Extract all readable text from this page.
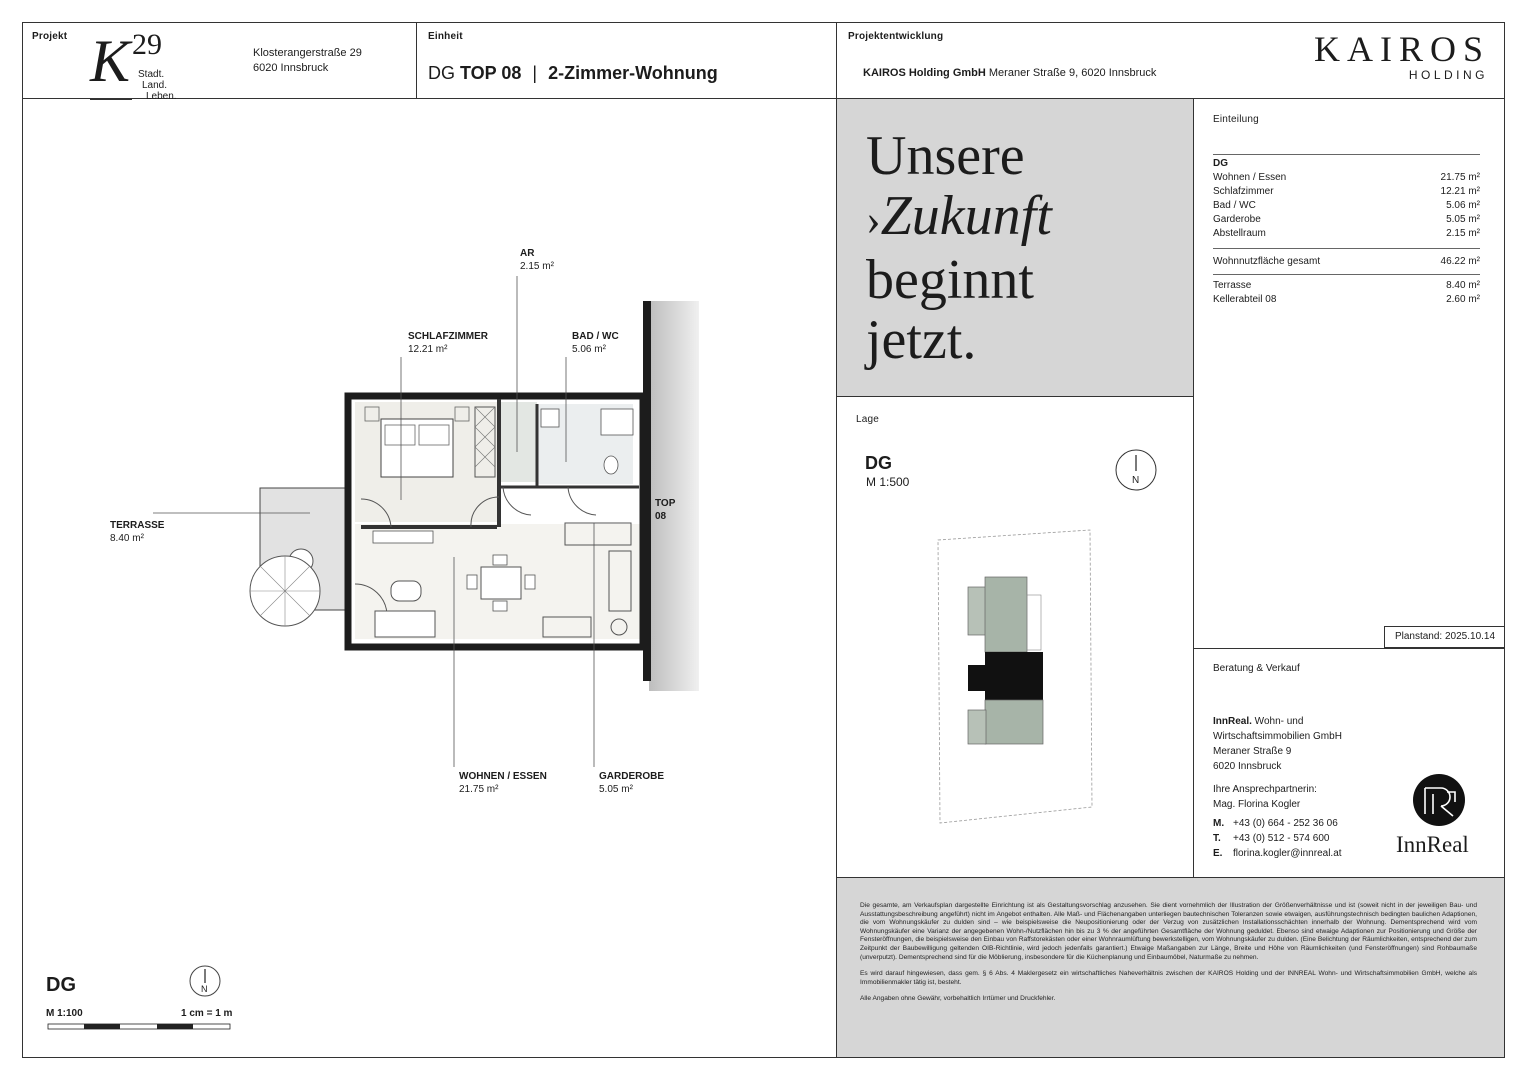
Projekt K 29
Stadt.
Land.
Leben.
Klosterangerstraße 29
6020 Innsbruck
Einheit
DG TOP 08 | 2-Zimmer-Wohnung
Projektentwicklung
KAIROS Holding GmbH Meraner Straße 9, 6020 Innsbruck
KAIROS
HOLDING
AR
2.15 m²
SCHLAFZIMMER
12.21 m²
BAD / WC
5.06 m²
TERRASSE
8.40 m²
TOP
08
WOHNEN / ESSEN
21.75 m²
GARDEROBE
5.05 m²
DG	N
M 1:100	1 cm = 1 m
Unsere
›Zukunft
beginnt
jetzt.
Lage
DG
M 1:500	N
Einteilung
DG
Wohnen / Essen	21.75 m²
Schlafzimmer	12.21 m²
Bad / WC	5.06 m²
Garderobe	5.05 m²
Abstellraum	2.15 m²
Wohnnutzfläche gesamt	46.22 m²
Terrasse	8.40 m²
Kellerabteil 08	2.60 m²
Planstand: 2025.10.14
Beratung & Verkauf
InnReal. Wohn- und
Wirtschaftsimmobilien GmbH
Meraner Straße 9
6020 Innsbruck
Ihre Ansprechpartnerin:
Mag. Florina Kogler
M. +43 (0) 664 - 252 36 06
T. +43 (0) 512 - 574 600
E. florina.kogler@innreal.at InnReal
Die gesamte, am Verkaufsplan dargestellte Einrichtung ist als Gestaltungsvorschlag anzusehen. Sie dient vornehmlich der Illustration der Größenverhältnisse und ist (soweit nicht in der jeweiligen Bau- und Ausstattungsbeschreibung angeführt) nicht im Angebot enthalten. Alle Maß- und Flächenangaben unterliegen bautechnischen Toleranzen sowie etwaigen, ausführungstechnisch bedingten baulichen Adaptionen, die vom Wohnungskäufer zu dulden sind – wie beispielsweise die Neupositionierung oder der Verzug von zusätzlichen Installationsschächten innerhalb der Wohnung. Dementsprechend wird vom Wohnungskäufer eine Varianz der angegebenen Wohn-/Nutzflächen hin bis zu 3 % der angeführten Gesamtfläche der Wohnung geduldet. Ebenso sind etwaige Adaptionen zur Positionierung und Größe der Fensteröffnungen, die beispielsweise den Einbau von Raffstorekästen oder einer Wohnraumlüftung bewerkstelligen, vom Wohnungskäufer zu dulden. (Eine Belichtung der Räumlichkeiten, entsprechend der zum Zeitpunkt der Baubewilligung geltenden OIB-Richtlinie, wird jedoch jedenfalls garantiert.) Etwaige Maßangaben zur Länge, Breite und Höhe von Räumlichkeiten (und Fensteröffnungen) sind Rohbaumaße (unverputzt). Dementsprechend sind für die Möblierung, insbesondere für die Küchenplanung und Einbaumöbel, Naturmaße zu nehmen.
Es wird darauf hingewiesen, dass gem. § 6 Abs. 4 Maklergesetz ein wirtschaftliches Naheverhältnis zwischen der KAIROS Holding und der INNREAL Wohn- und Wirtschaftsimmobilien GmbH, welche als Immobilienmakler tätig ist, besteht.
Alle Angaben ohne Gewähr, vorbehaltlich Irrtümer und Druckfehler.
